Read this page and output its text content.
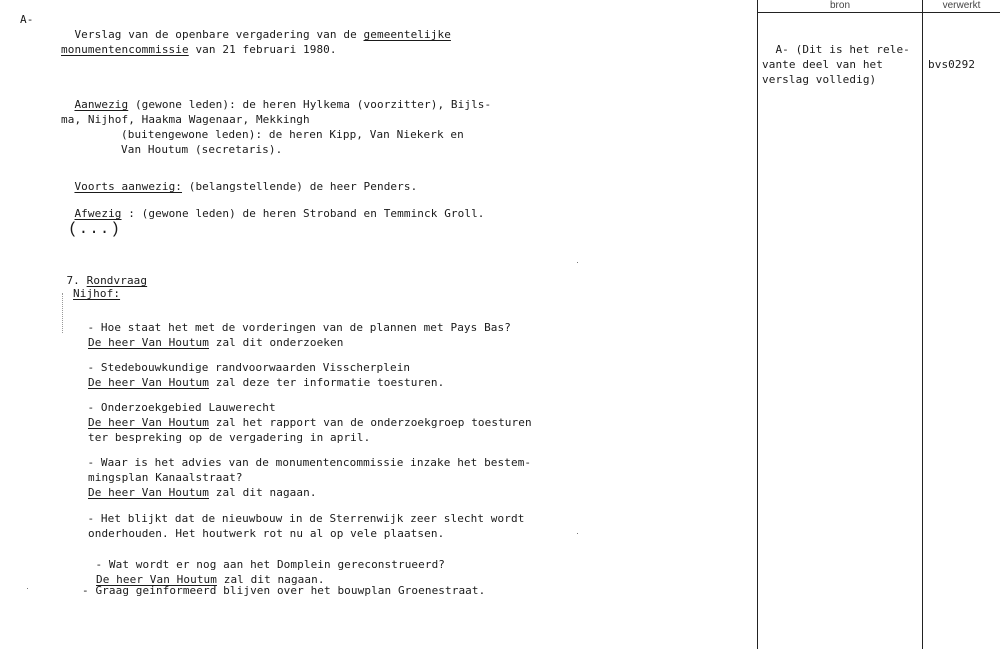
A-

Verslag van de openbare vergadering van de gemeentelijke
monumentencommissie van 21 februari 1980.

Aanwezig (gewone leden): de heren Hylkema (voorzitter), Bijls-
ma, Nijhof, Haakma Wagenaar, Mekkingh
(buitengewone leden): de heren Kipp, Van Niekerk en
Van Houtum (secretaris).

Voorts aanwezig: (belangstellende) de heer Penders.

Afwezig : (gewone leden) de heren Stroband en Temminck Groll.

(...)

7. Rondvraag

Nijhof:

- Hoe staat het met de vorderingen van de plannen met Pays Bas?
De heer Van Houtum zal dit onderzoeken

- Stedebouwkundige randvoorwaarden Visscherplein
De heer Van Houtum zal deze ter informatie toesturen.

- Onderzoekgebied Lauwerecht
De heer Van Houtum zal het rapport van de onderzoekgroep toesturen
ter bespreking op de vergadering in april.

- Waar is het advies van de monumentencommissie inzake het bestem-
mingsplan Kanaalstraat?
De heer Van Houtum zal dit nagaan.

- Het blijkt dat de nieuwbouw in de Sterrenwijk zeer slecht wordt
onderhouden. Het houtwerk rot nu al op vele plaatsen.

- Wat wordt er nog aan het Domplein gereconstrueerd?
De heer Van Houtum zal dit nagaan.

- Graag geinformeerd blijven over het bouwplan Groenestraat.
bron	verwerkt

A- (Dit is het rele-
vante deel van het
verslag volledig)

bvs0292
